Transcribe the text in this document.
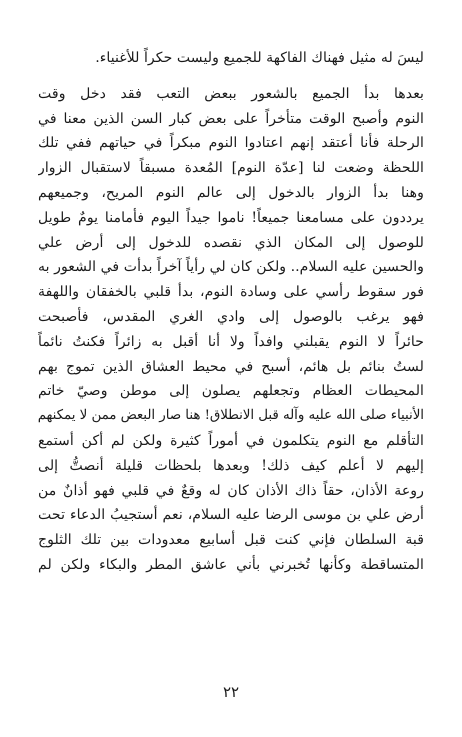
ليسَ له مثيل فهناك الفاكهة للجميع وليست حكراً للأغنياء.
بعدها بدأ الجميع بالشعور ببعض التعب فقد دخل وقت
النوم وأصبح الوقت متأخراً على بعض كبار السن الذين معنا في
الرحلة فأنا أعتقد إنهم اعتادوا النوم مبكراً في حياتهم ففي تلك
اللحظة وضعت لنا [عدّة النوم] المُعدة مسبقاً لاستقبال الزوار
وهنا بدأ الزوار بالدخول إلى عالم النوم المريح، وجميعهم
يرددون على مسامعنا جميعاً! ناموا جيداً اليوم فأمامنا يومٌ طويل
للوصول إلى المكان الذي نقصده للدخول إلى أرض علي
والحسين عليه السلام.. ولكن كان لي رأياً آخراً بدأت في الشعور به
فور سقوط رأسي على وسادة النوم، بدأ قلبي بالخفقان واللهفة
فهو يرغب بالوصول إلى وادي الغري المقدس، فأصبحت
حائراً لا النوم يقبلني وافداً ولا أنا أقبل به زائراً فكنتُ نائماً
لستُ بنائم بل هائم، أسبح في محيط العشاق الذين تموج بهم
المحيطات العظام وتجعلهم يصلون إلى موطن وصيّ خاتم
الأنبياء صلى الله عليه وآله قبل الانطلاق! هنا صار البعض ممن لا يمكنهم
التأقلم مع النوم يتكلمون في أموراً كثيرة ولكن لم أكن أستمع
إليهم لا أعلم كيف ذلك! وبعدها بلحظات قليلة أنصتُّ إلى
روعة الأذان، حقاً ذاك الأذان كان له وقعٌ في قلبي فهو أذانٌ من
أرض علي بن موسى الرضا عليه السلام، نعم أستجيبُ الدعاء تحت
قبة السلطان فإني كنت قبل أسابيع معدودات بين تلك الثلوج
المتساقطة وكأنها تُخبرني بأني عاشق المطر والبكاء ولكن لم
٢٢
